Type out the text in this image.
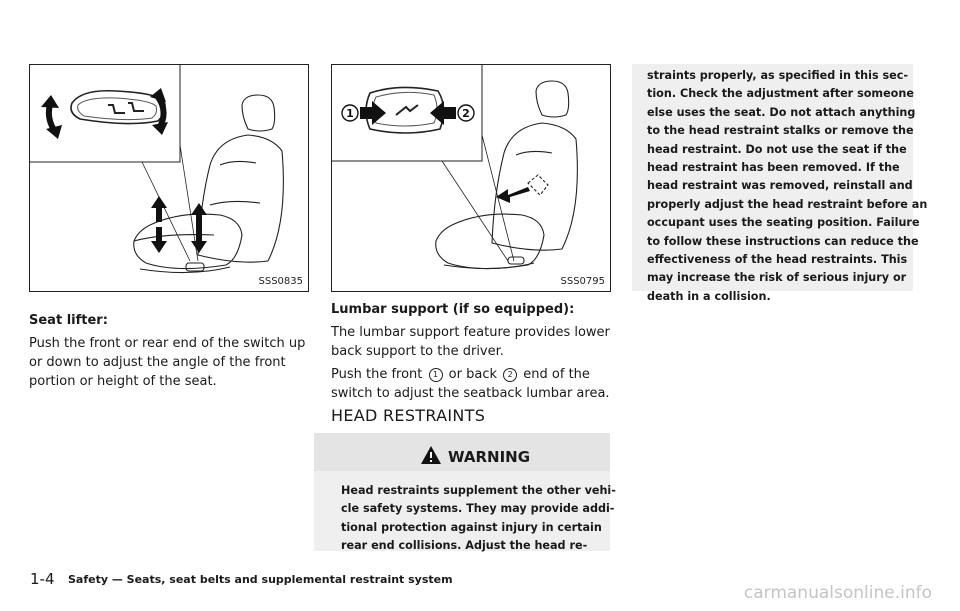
SSS0835
1	2
SSS0795
Seat lifter:

Push the front or rear end of the switch up
or down to adjust the angle of the front
portion or height of the seat.

Lumbar support (if so equipped):

The lumbar support feature provides lower
back support to the driver.

Push the front 1 or back 2 end of the
switch to adjust the seatback lumbar area.

HEAD RESTRAINTS
WARNING

Head restraints supplement the other vehi-
cle safety systems. They may provide addi-
tional protection against injury in certain
rear end collisions. Adjust the head re-

straints properly, as specified in this sec-
tion. Check the adjustment after someone
else uses the seat. Do not attach anything
to the head restraint stalks or remove the
head restraint. Do not use the seat if the
head restraint has been removed. If the
head restraint was removed, reinstall and
properly adjust the head restraint before an
occupant uses the seating position. Failure
to follow these instructions can reduce the
effectiveness of the head restraints. This
may increase the risk of serious injury or
death in a collision.

1-4 Safety — Seats, seat belts and supplemental restraint system
carmanualsonline.info
